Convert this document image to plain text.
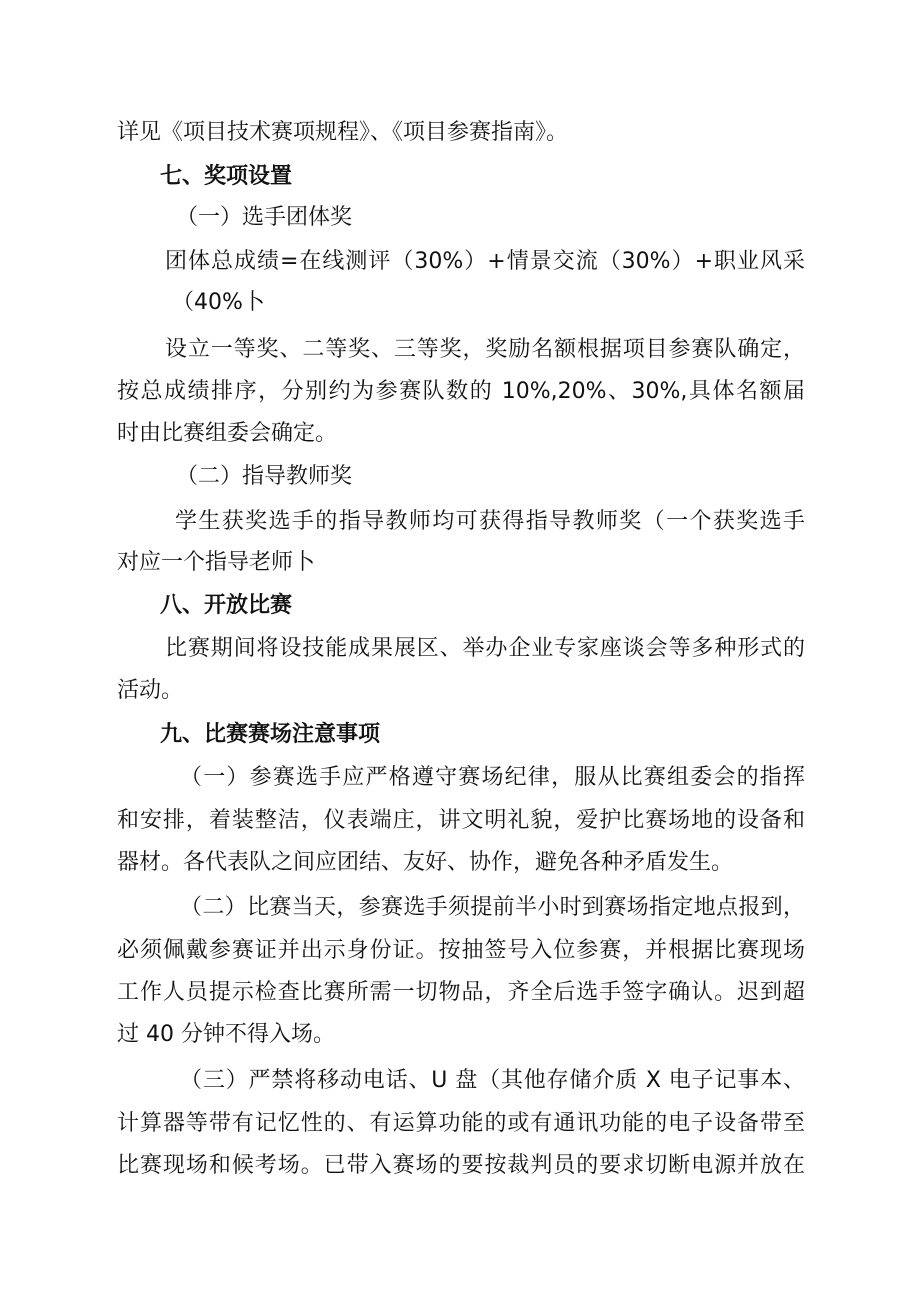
详见《项目技术赛项规程》、《项目参赛指南》。
七、奖项设置
（一）选手团体奖
团体总成绩=在线测评（30%）+情景交流（30%）+职业风采
（40%卜
设立一等奖、二等奖、三等奖，奖励名额根据项目参赛队确定，
按总成绩排序，分别约为参赛队数的 10%,20%、30%,具体名额届
时由比赛组委会确定。
（二）指导教师奖
学生获奖选手的指导教师均可获得指导教师奖（一个获奖选手
对应一个指导老师卜
八、开放比赛
比赛期间将设技能成果展区、举办企业专家座谈会等多种形式的
活动。
九、比赛赛场注意事项
（一）参赛选手应严格遵守赛场纪律，服从比赛组委会的指挥
和安排，着装整洁，仪表端庄，讲文明礼貌，爱护比赛场地的设备和
器材。各代表队之间应团结、友好、协作，避免各种矛盾发生。
（二）比赛当天，参赛选手须提前半小时到赛场指定地点报到，
必须佩戴参赛证并出示身份证。按抽签号入位参赛，并根据比赛现场
工作人员提示检查比赛所需一切物品，齐全后选手签字确认。迟到超
过 40 分钟不得入场。
（三）严禁将移动电话、U 盘（其他存储介质 X 电子记事本、
计算器等带有记忆性的、有运算功能的或有通讯功能的电子设备带至
比赛现场和候考场。已带入赛场的要按裁判员的要求切断电源并放在
